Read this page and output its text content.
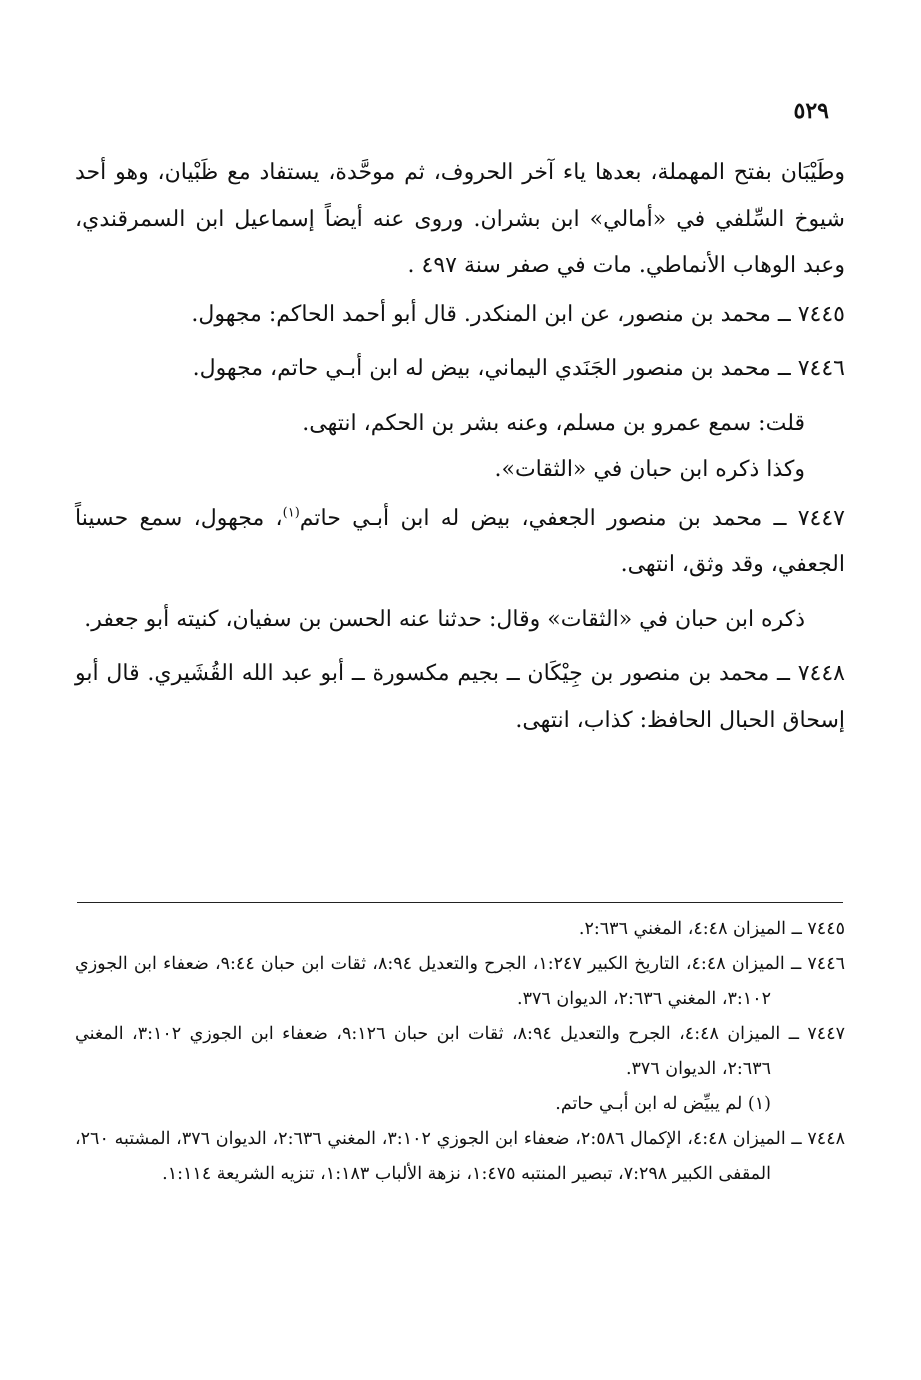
٥٢٩

وطَيْبَان بفتح المهملة، بعدها ياء آخر الحروف، ثم موحَّدة، يستفاد مع ظَبْيان، وهو أحد شيوخ السِّلفي في «أمالي» ابن بشران. وروى عنه أيضاً إسماعيل ابن السمرقندي، وعبد الوهاب الأنماطي. مات في صفر سنة ٤٩٧ .

٧٤٤٥ ــ محمد بن منصور، عن ابن المنكدر. قال أبو أحمد الحاكم: مجهول.

٧٤٤٦ ــ محمد بن منصور الجَنَدي اليماني، بيض له ابن أبـي حاتم، مجهول.

قلت: سمع عمرو بن مسلم، وعنه بشر بن الحكم، انتهى.

وكذا ذكره ابن حبان في «الثقات».

٧٤٤٧ ــ محمد بن منصور الجعفي، بيض له ابن أبـي حاتم$^{(١)}$، مجهول، سمع حسيناً الجعفي، وقد وثق، انتهى.

ذكره ابن حبان في «الثقات» وقال: حدثنا عنه الحسن بن سفيان، كنيته أبو جعفر.

٧٤٤٨ ــ محمد بن منصور بن جِيْكَان ــ بجيم مكسورة ــ أبو عبد الله القُشَيري. قال أبو إسحاق الحبال الحافظ: كذاب، انتهى.

٧٤٤٥ ــ الميزان ٤:٤٨، المغني ٢:٦٣٦.

٧٤٤٦ ــ الميزان ٤:٤٨، التاريخ الكبير ١:٢٤٧، الجرح والتعديل ٨:٩٤، ثقات ابن حبان ٩:٤٤، ضعفاء ابن الجوزي ٣:١٠٢، المغني ٢:٦٣٦، الديوان ٣٧٦.

٧٤٤٧ ــ الميزان ٤:٤٨، الجرح والتعديل ٨:٩٤، ثقات ابن حبان ٩:١٢٦، ضعفاء ابن الجوزي ٣:١٠٢، المغني ٢:٦٣٦، الديوان ٣٧٦.

(١) لم يبيِّض له ابن أبـي حاتم.

٧٤٤٨ ــ الميزان ٤:٤٨، الإكمال ٢:٥٨٦، ضعفاء ابن الجوزي ٣:١٠٢، المغني ٢:٦٣٦، الديوان ٣٧٦، المشتبه ٢٦٠، المقفى الكبير ٧:٢٩٨، تبصير المنتبه ١:٤٧٥، نزهة الألباب ١:١٨٣، تنزيه الشريعة ١:١١٤.
